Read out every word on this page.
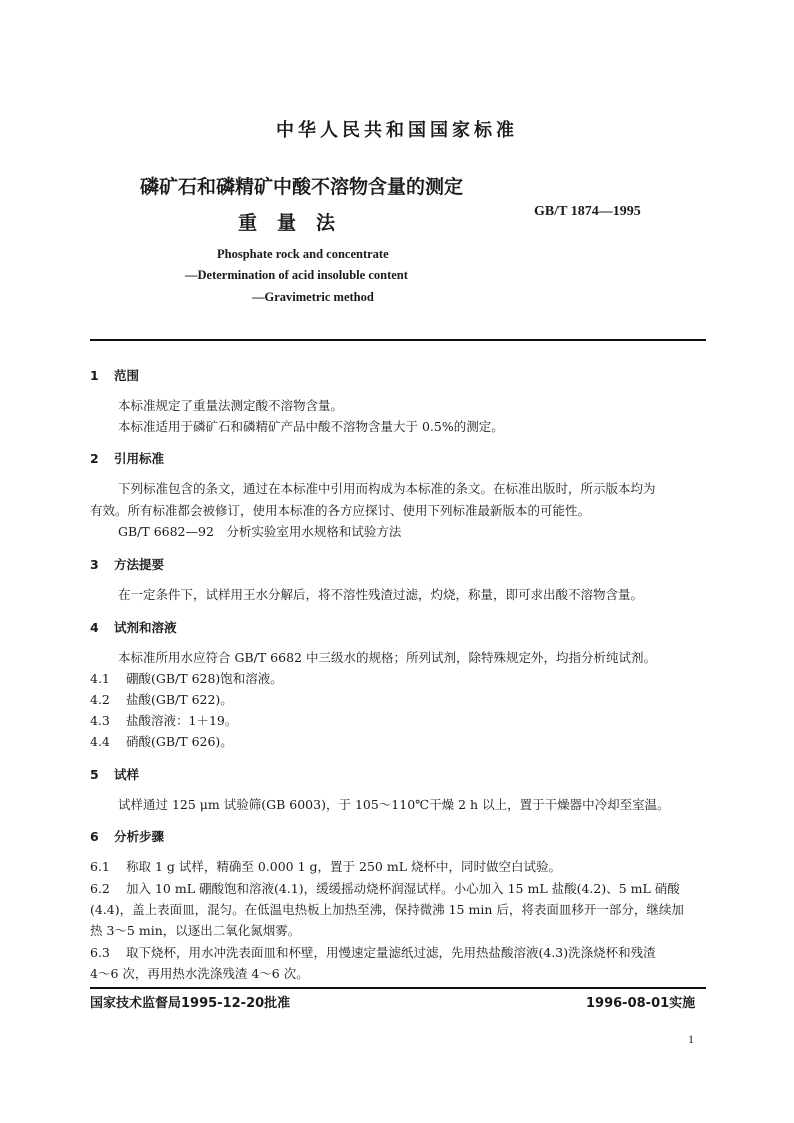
中华人民共和国国家标准
磷矿石和磷精矿中酸不溶物含量的测定
重量法
GB/T 1874—1995
Phosphate rock and concentrate
—Determination of acid insoluble content
—Gravimetric method
1 范围
本标准规定了重量法测定酸不溶物含量。
本标准适用于磷矿石和磷精矿产品中酸不溶物含量大于 0.5%的测定。
2 引用标准
下列标准包含的条文，通过在本标准中引用而构成为本标准的条文。在标准出版时，所示版本均为
有效。所有标准都会被修订，使用本标准的各方应探讨、使用下列标准最新版本的可能性。
GB/T 6682—92　分析实验室用水规格和试验方法
3 方法提要
在一定条件下，试样用王水分解后，将不溶性残渣过滤，灼烧，称量，即可求出酸不溶物含量。
4 试剂和溶液
本标准所用水应符合 GB/T 6682 中三级水的规格；所列试剂，除特殊规定外，均指分析纯试剂。
4.1 硼酸(GB/T 628)饱和溶液。
4.2 盐酸(GB/T 622)。
4.3 盐酸溶液：1＋19。
4.4 硝酸(GB/T 626)。
5 试样
试样通过 125 μm 试验筛(GB 6003)，于 105～110℃干燥 2 h 以上，置于干燥器中冷却至室温。
6 分析步骤
6.1 称取 1 g 试样，精确至 0.000 1 g，置于 250 mL 烧杯中，同时做空白试验。
6.2 加入 10 mL 硼酸饱和溶液(4.1)，缓缓摇动烧杯润湿试样。小心加入 15 mL 盐酸(4.2)、5 mL 硝酸
(4.4)，盖上表面皿，混匀。在低温电热板上加热至沸，保持微沸 15 min 后，将表面皿移开一部分，继续加
热 3～5 min，以逐出二氧化氮烟雾。
6.3 取下烧杯，用水冲洗表面皿和杯壁，用慢速定量滤纸过滤，先用热盐酸溶液(4.3)洗涤烧杯和残渣
4～6 次，再用热水洗涤残渣 4～6 次。
国家技术监督局1995-12-20批准	1996-08-01实施
1
